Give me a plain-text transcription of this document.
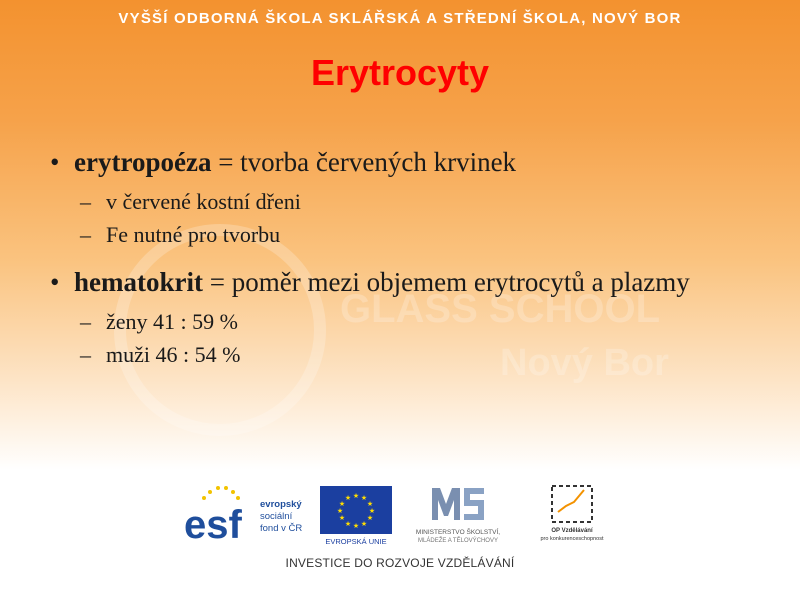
VYŠŠÍ ODBORNÁ ŠKOLA SKLÁŘSKÁ A STŘEDNÍ ŠKOLA, NOVÝ BOR
GLASS SCHOOL
Nový Bor
Erytrocyty
• erytropoéza = tvorba červených krvinek
– v červené kostní dřeni
– Fe nutné pro tvorbu
• hematokrit = poměr mezi objemem erytrocytů a plazmy
– ženy 41 : 59 %
– muži 46 : 54 %
esf evropský
sociální
fond v ČR
★ ★
★
★
★
★
★
★
★
★
★
★
EVROPSKÁ UNIE
MINISTERSTVO ŠKOLSTVÍ,
MLÁDEŽE A TĚLOVÝCHOVY
OP Vzdělávání
pro konkurenceschopnost
INVESTICE DO ROZVOJE VZDĚLÁVÁNÍ
